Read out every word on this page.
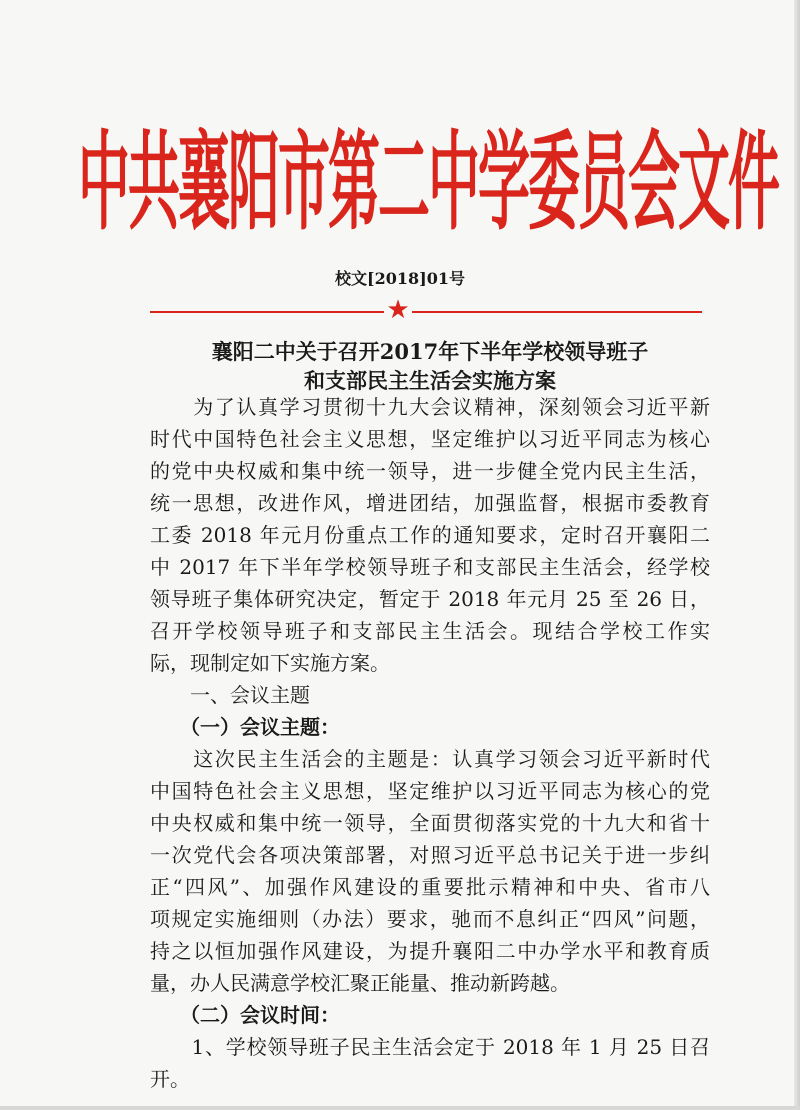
中共襄阳市第二中学委员会文件
校文[2018]01号
★
襄阳二中关于召开2017年下半年学校领导班子
和支部民主生活会实施方案
　　为了认真学习贯彻十九大会议精神，深刻领会习近平新
时代中国特色社会主义思想，坚定维护以习近平同志为核心
的党中央权威和集中统一领导，进一步健全党内民主生活，
统一思想，改进作风，增进团结，加强监督，根据市委教育
工委 2018 年元月份重点工作的通知要求，定时召开襄阳二
中 2017 年下半年学校领导班子和支部民主生活会，经学校
领导班子集体研究决定，暂定于 2018 年元月 25 至 26 日，
召开学校领导班子和支部民主生活会。现结合学校工作实
际，现制定如下实施方案。
　　一、会议主题
　　（一）会议主题：
　　这次民主生活会的主题是：认真学习领会习近平新时代
中国特色社会主义思想，坚定维护以习近平同志为核心的党
中央权威和集中统一领导，全面贯彻落实党的十九大和省十
一次党代会各项决策部署，对照习近平总书记关于进一步纠
正“四风”、加强作风建设的重要批示精神和中央、省市八
项规定实施细则（办法）要求，驰而不息纠正“四风”问题，
持之以恒加强作风建设，为提升襄阳二中办学水平和教育质
量，办人民满意学校汇聚正能量、推动新跨越。
　　（二）会议时间：
　　1、学校领导班子民主生活会定于 2018 年 1 月 25 日召
开。
